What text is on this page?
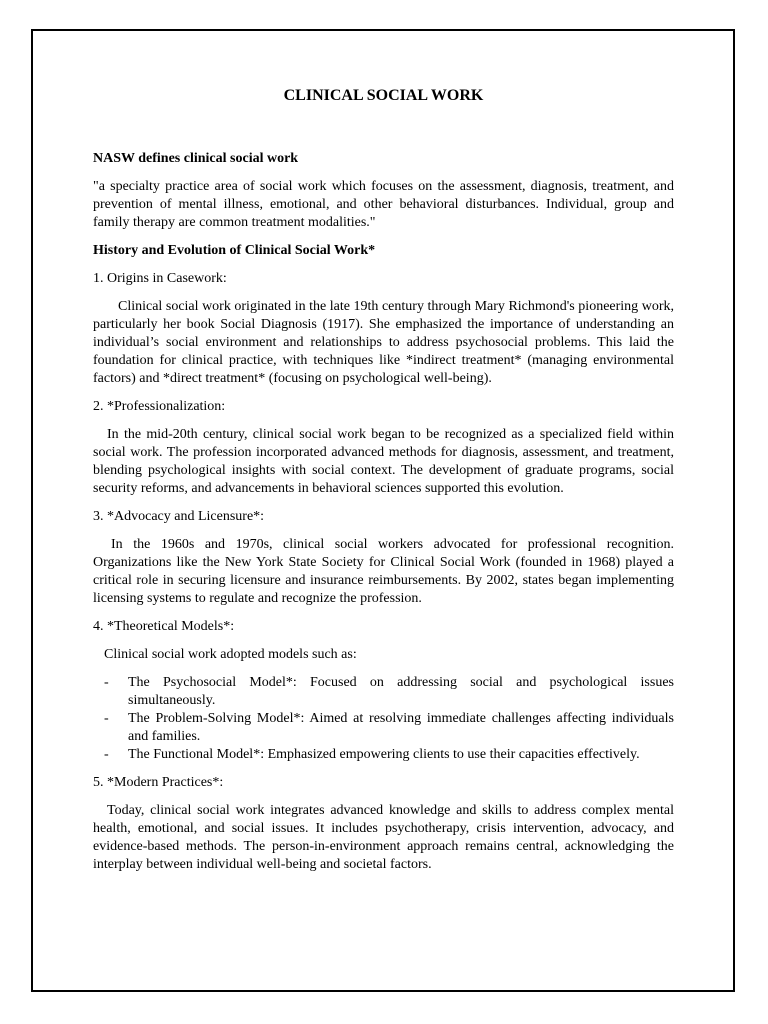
CLINICAL SOCIAL WORK
NASW defines clinical social work
"a specialty practice area of social work which focuses on the assessment, diagnosis, treatment, and prevention of mental illness, emotional, and other behavioral disturbances. Individual, group and family therapy are common treatment modalities."
History and Evolution of Clinical Social Work*
1. Origins in Casework:
Clinical social work originated in the late 19th century through Mary Richmond's pioneering work, particularly her book Social Diagnosis (1917). She emphasized the importance of understanding an individual’s social environment and relationships to address psychosocial problems. This laid the foundation for clinical practice, with techniques like *indirect treatment* (managing environmental factors) and *direct treatment* (focusing on psychological well-being).
2. *Professionalization:
In the mid-20th century, clinical social work began to be recognized as a specialized field within social work. The profession incorporated advanced methods for diagnosis, assessment, and treatment, blending psychological insights with social context. The development of graduate programs, social security reforms, and advancements in behavioral sciences supported this evolution.
3. *Advocacy and Licensure*:
In the 1960s and 1970s, clinical social workers advocated for professional recognition. Organizations like the New York State Society for Clinical Social Work (founded in 1968) played a critical role in securing licensure and insurance reimbursements. By 2002, states began implementing licensing systems to regulate and recognize the profession.
4. *Theoretical Models*:
Clinical social work adopted models such as:
- The Psychosocial Model*: Focused on addressing social and psychological issues simultaneously.
- The Problem-Solving Model*: Aimed at resolving immediate challenges affecting individuals and families.
- The Functional Model*: Emphasized empowering clients to use their capacities effectively.
5. *Modern Practices*:
Today, clinical social work integrates advanced knowledge and skills to address complex mental health, emotional, and social issues. It includes psychotherapy, crisis intervention, advocacy, and evidence-based methods. The person-in-environment approach remains central, acknowledging the interplay between individual well-being and societal factors.
